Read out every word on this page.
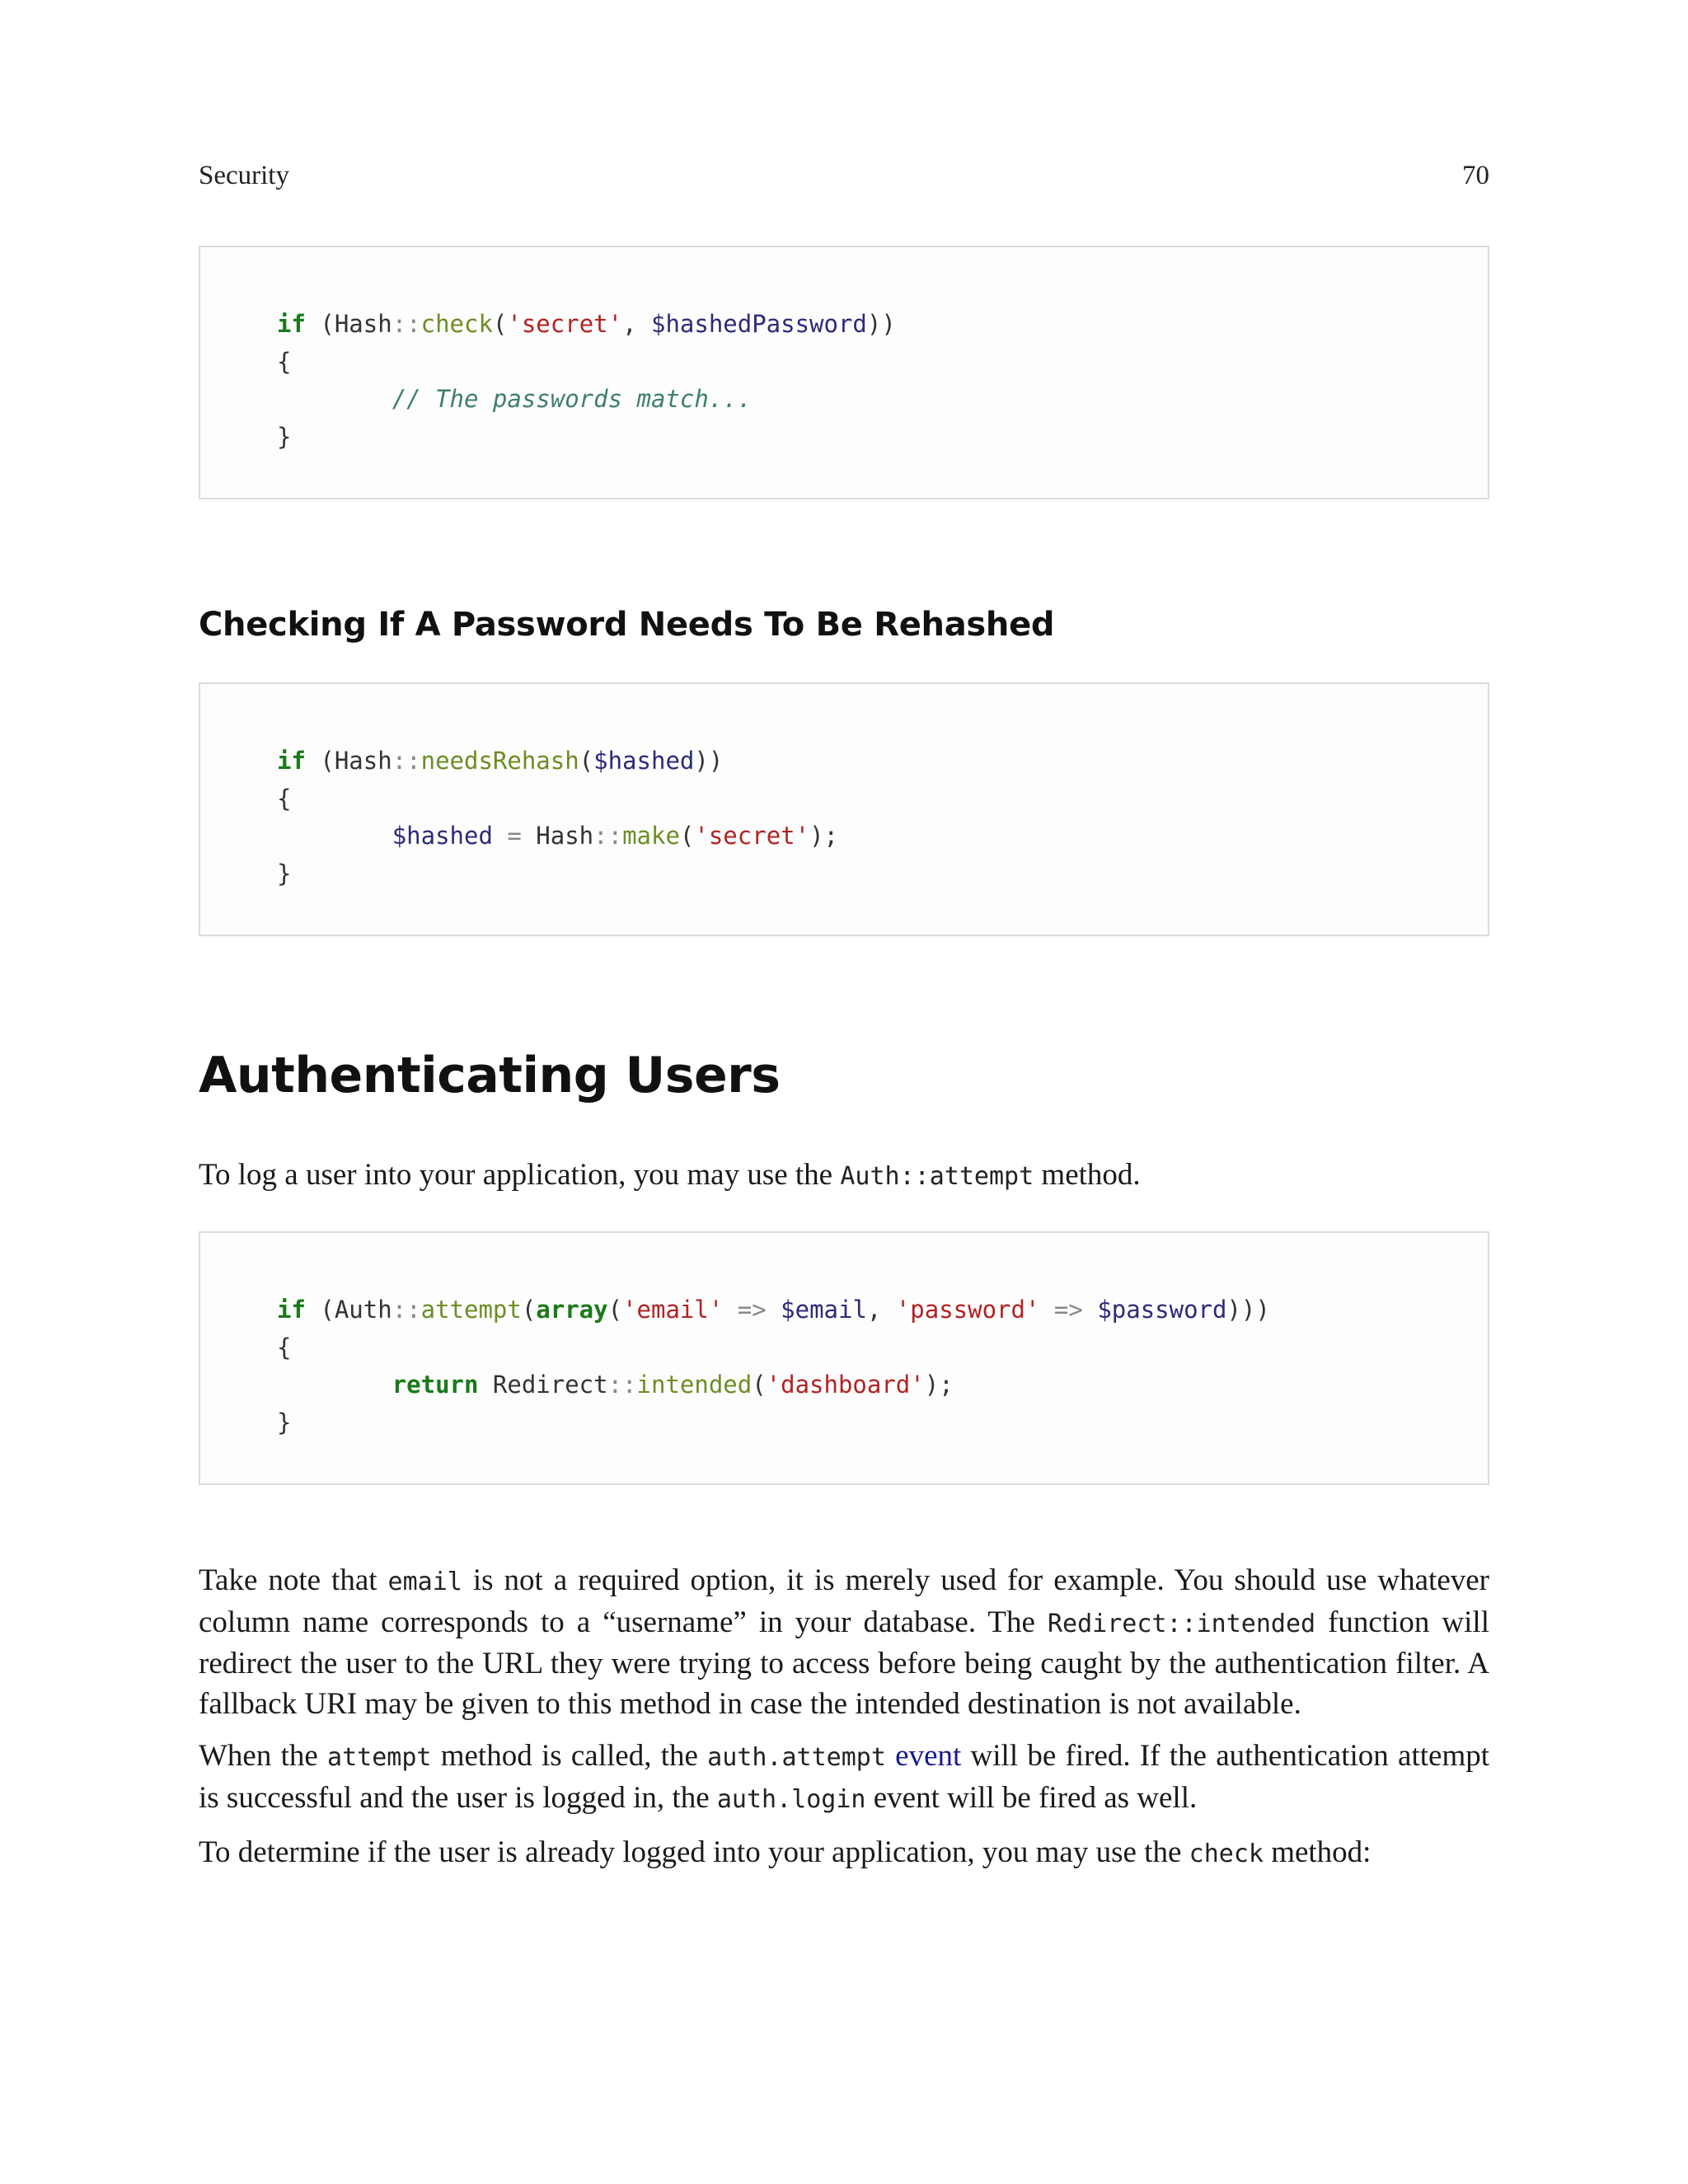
Security	70
if (Hash::check('secret', $hashedPassword))
{
// The passwords match...
}
Checking If A Password Needs To Be Rehashed
if (Hash::needsRehash($hashed))
{
$hashed = Hash::make('secret');
}
Authenticating Users
To log a user into your application, you may use the Auth::attempt method.
if (Auth::attempt(array('email' => $email, 'password' => $password)))
{
return Redirect::intended('dashboard');
}
Take note that email is not a required option, it is merely used for example. You should use whatever column name corresponds to a “username” in your database. The Redirect::intended function will redirect the user to the URL they were trying to access before being caught by the authentication filter. A fallback URI may be given to this method in case the intended destination is not available.
When the attempt method is called, the auth.attempt event will be fired. If the authentication attempt is successful and the user is logged in, the auth.login event will be fired as well.
To determine if the user is already logged into your application, you may use the check method:
